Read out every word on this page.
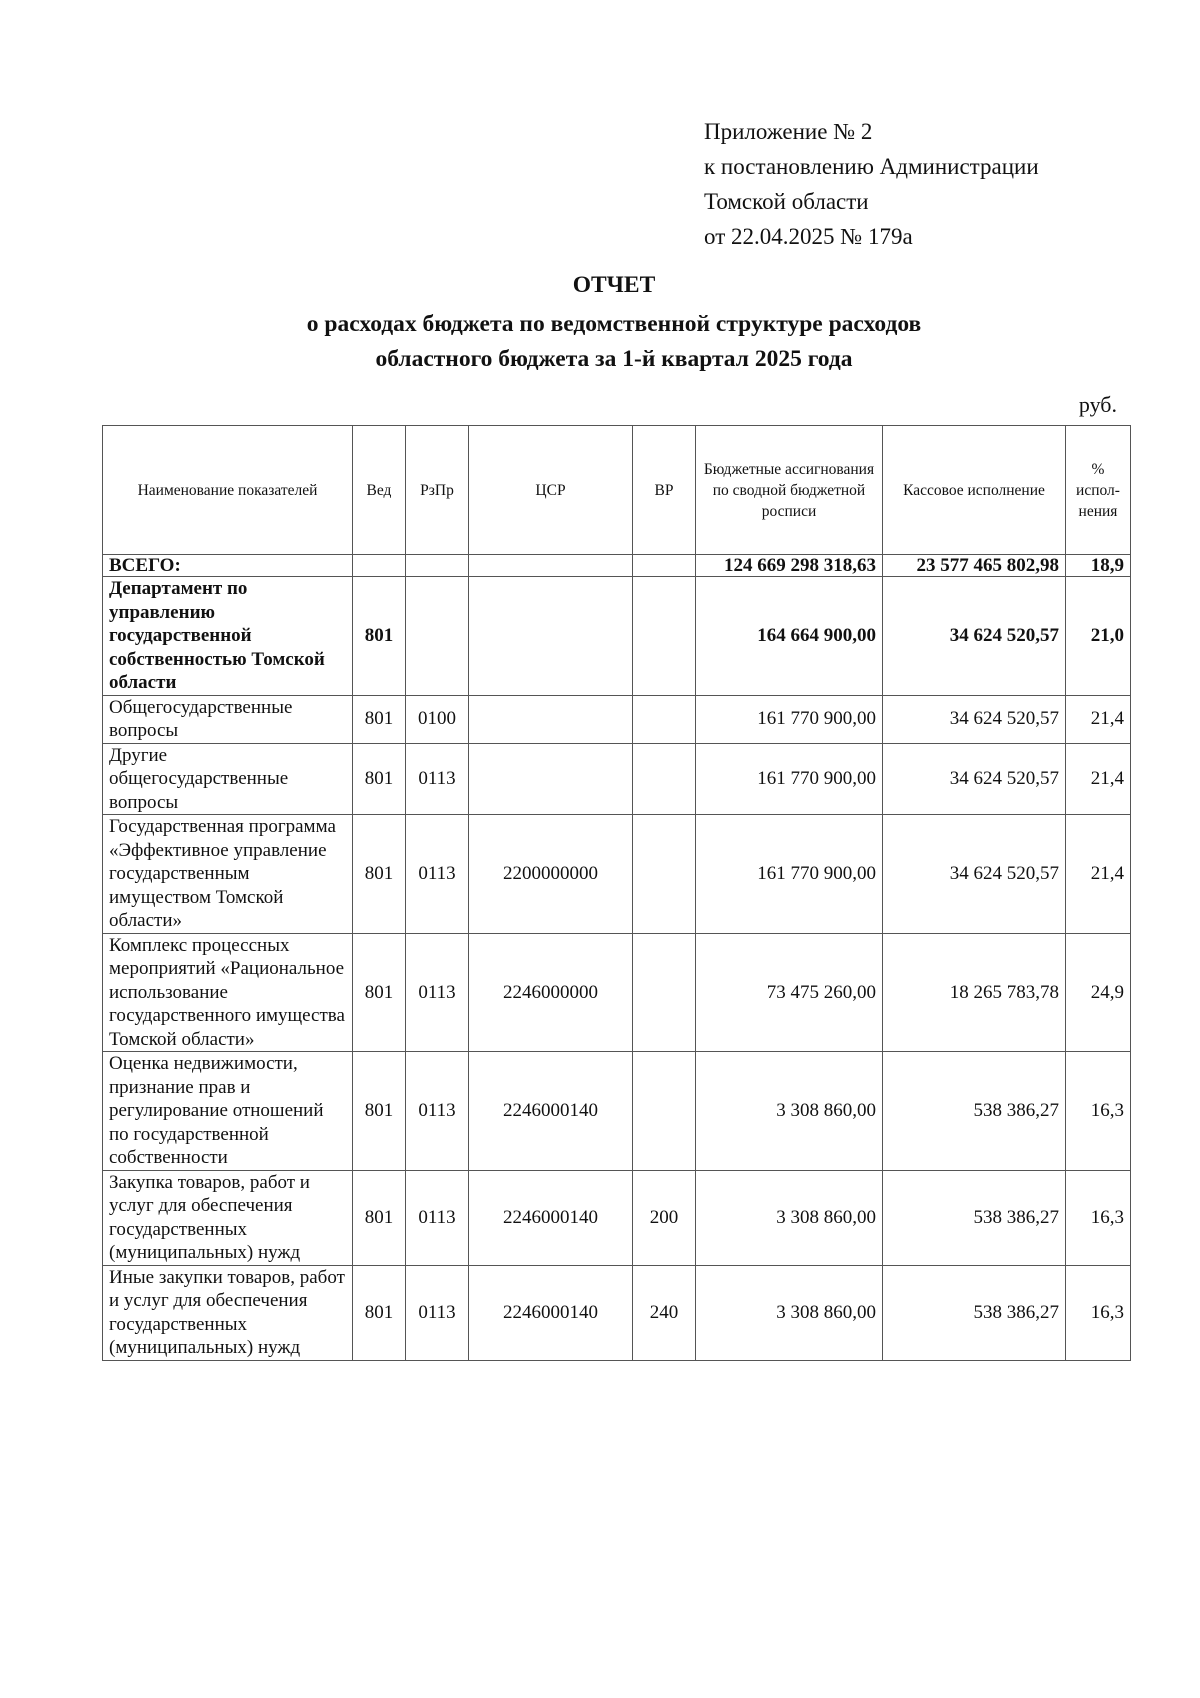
Приложение № 2
к постановлению Администрации
Томской области
от 22.04.2025 № 179а
ОТЧЕТ
о расходах бюджета по ведомственной структуре расходов
областного бюджета за 1-й квартал 2025 года
руб.
Наименование показателей	Вед	РзПр	ЦСР	ВР	Бюджетные ассигнования по сводной бюджетной росписи	Кассовое исполнение	% испол-нения
ВСЕГО:					124 669 298 318,63	23 577 465 802,98	18,9
Департамент по управлению государственной собственностью Томской области	801				164 664 900,00	34 624 520,57	21,0
Общегосударственные вопросы	801	0100			161 770 900,00	34 624 520,57	21,4
Другие общегосударственные вопросы	801	0113			161 770 900,00	34 624 520,57	21,4
Государственная программа «Эффективное управление государственным имуществом Томской области»	801	0113	2200000000		161 770 900,00	34 624 520,57	21,4
Комплекс процессных мероприятий «Рациональное использование государственного имущества Томской области»	801	0113	2246000000		73 475 260,00	18 265 783,78	24,9
Оценка недвижимости, признание прав и регулирование отношений по государственной собственности	801	0113	2246000140		3 308 860,00	538 386,27	16,3
Закупка товаров, работ и услуг для обеспечения государственных (муниципальных) нужд	801	0113	2246000140	200	3 308 860,00	538 386,27	16,3
Иные закупки товаров, работ и услуг для обеспечения государственных (муниципальных) нужд	801	0113	2246000140	240	3 308 860,00	538 386,27	16,3
